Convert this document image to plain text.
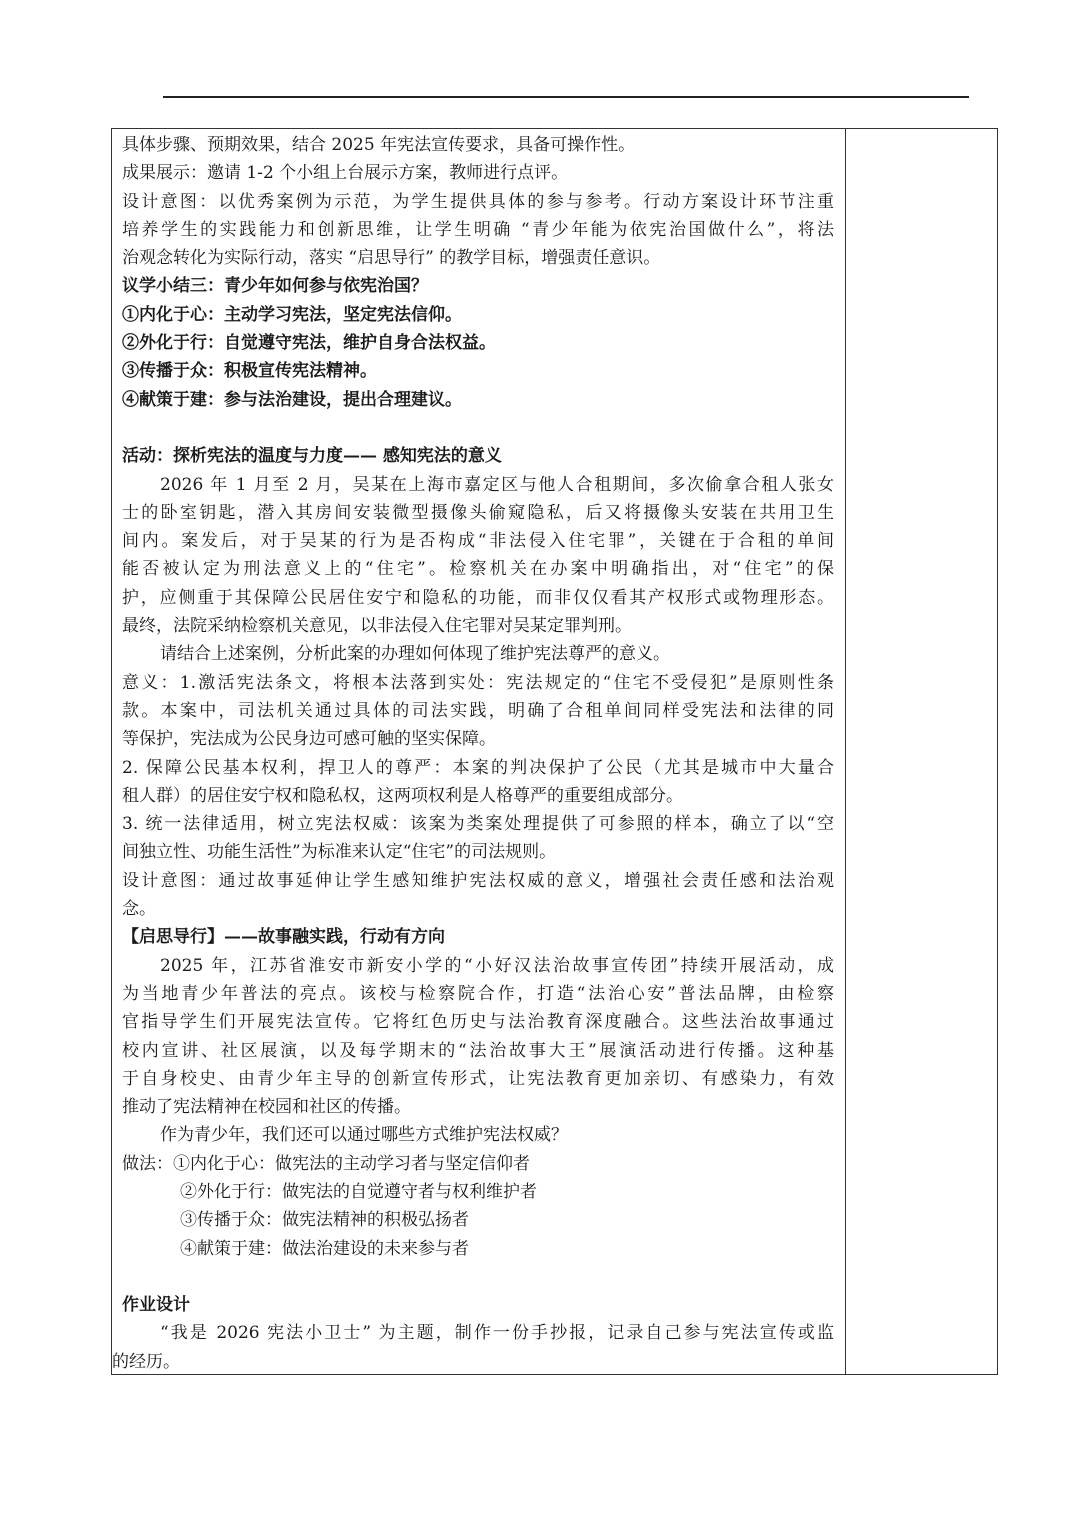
具体步骤、预期效果，结合 2025 年宪法宣传要求，具备可操作性。
成果展示：邀请 1-2 个小组上台展示方案，教师进行点评。
设计意图：以优秀案例为示范，为学生提供具体的参与参考。行动方案设计环节注重
培养学生的实践能力和创新思维，让学生明确 “青少年能为依宪治国做什么”，将法
治观念转化为实际行动，落实 “启思导行” 的教学目标，增强责任意识。
议学小结三：青少年如何参与依宪治国？
①内化于心：主动学习宪法，坚定宪法信仰。
②外化于行：自觉遵守宪法，维护自身合法权益。
③传播于众：积极宣传宪法精神。
④献策于建：参与法治建设，提出合理建议。
活动：探析宪法的温度与力度—— 感知宪法的意义
2026 年 1 月至 2 月，吴某在上海市嘉定区与他人合租期间，多次偷拿合租人张女
士的卧室钥匙，潜入其房间安装微型摄像头偷窥隐私，后又将摄像头安装在共用卫生
间内。案发后，对于吴某的行为是否构成“非法侵入住宅罪”，关键在于合租的单间
能否被认定为刑法意义上的“住宅”。检察机关在办案中明确指出，对“住宅”的保
护，应侧重于其保障公民居住安宁和隐私的功能，而非仅仅看其产权形式或物理形态。
最终，法院采纳检察机关意见，以非法侵入住宅罪对吴某定罪判刑。
请结合上述案例，分析此案的办理如何体现了维护宪法尊严的意义。
意义：1.激活宪法条文，将根本法落到实处：宪法规定的“住宅不受侵犯”是原则性条
款。本案中，司法机关通过具体的司法实践，明确了合租单间同样受宪法和法律的同
等保护，宪法成为公民身边可感可触的坚实保障。
2. 保障公民基本权利，捍卫人的尊严：本案的判决保护了公民（尤其是城市中大量合
租人群）的居住安宁权和隐私权，这两项权利是人格尊严的重要组成部分。
3. 统一法律适用，树立宪法权威：该案为类案处理提供了可参照的样本，确立了以“空
间独立性、功能生活性”为标准来认定“住宅”的司法规则。
设计意图：通过故事延伸让学生感知维护宪法权威的意义，增强社会责任感和法治观
念。
【启思导行】——故事融实践，行动有方向
2025 年，江苏省淮安市新安小学的“小好汉法治故事宣传团”持续开展活动，成
为当地青少年普法的亮点。该校与检察院合作，打造“法治心安”普法品牌，由检察
官指导学生们开展宪法宣传。它将红色历史与法治教育深度融合。这些法治故事通过
校内宣讲、社区展演，以及每学期末的“法治故事大王”展演活动进行传播。这种基
于自身校史、由青少年主导的创新宣传形式，让宪法教育更加亲切、有感染力，有效
推动了宪法精神在校园和社区的传播。
作为青少年，我们还可以通过哪些方式维护宪法权威？
做法：①内化于心：做宪法的主动学习者与坚定信仰者
②外化于行：做宪法的自觉遵守者与权利维护者
③传播于众：做宪法精神的积极弘扬者
④献策于建：做法治建设的未来参与者
作业设计
“我是 2026 宪法小卫士” 为主题，制作一份手抄报，记录自己参与宪法宣传或监
的经历。
